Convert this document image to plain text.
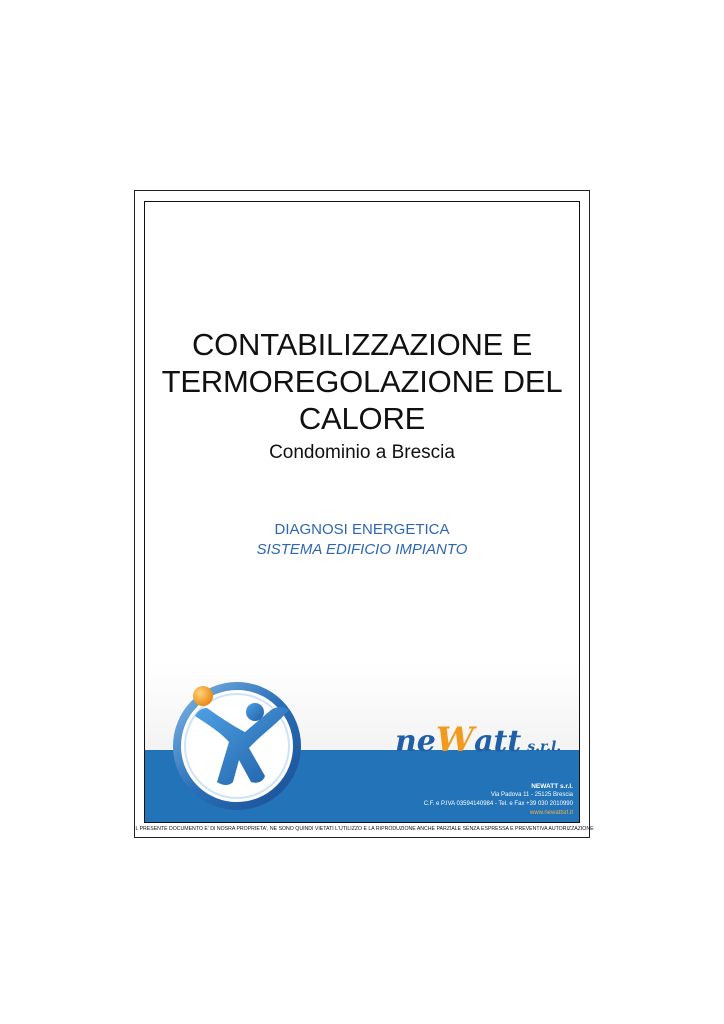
CONTABILIZZAZIONE E
TERMOREGOLAZIONE DEL
CALORE
Condominio a Brescia
DIAGNOSI ENERGETICA
SISTEMA EDIFICIO IMPIANTO
neWatt s.r.l.
NEWATT s.r.l.
Via Padova 11 - 25125 Brescia
C.F. e P.IVA 03594140984 - Tel. e Fax +39 030 2010990
www.newattsrl.it
IL PRESENTE DOCUMENTO E' DI NOSRA PROPRIETA', NE SONO QUINDI VIETATI L'UTILIZZO E LA RIPRODUZIONE ANCHE PARZIALE SENZA ESPRESSA E PREVENTIVA AUTORIZZAZIONE
